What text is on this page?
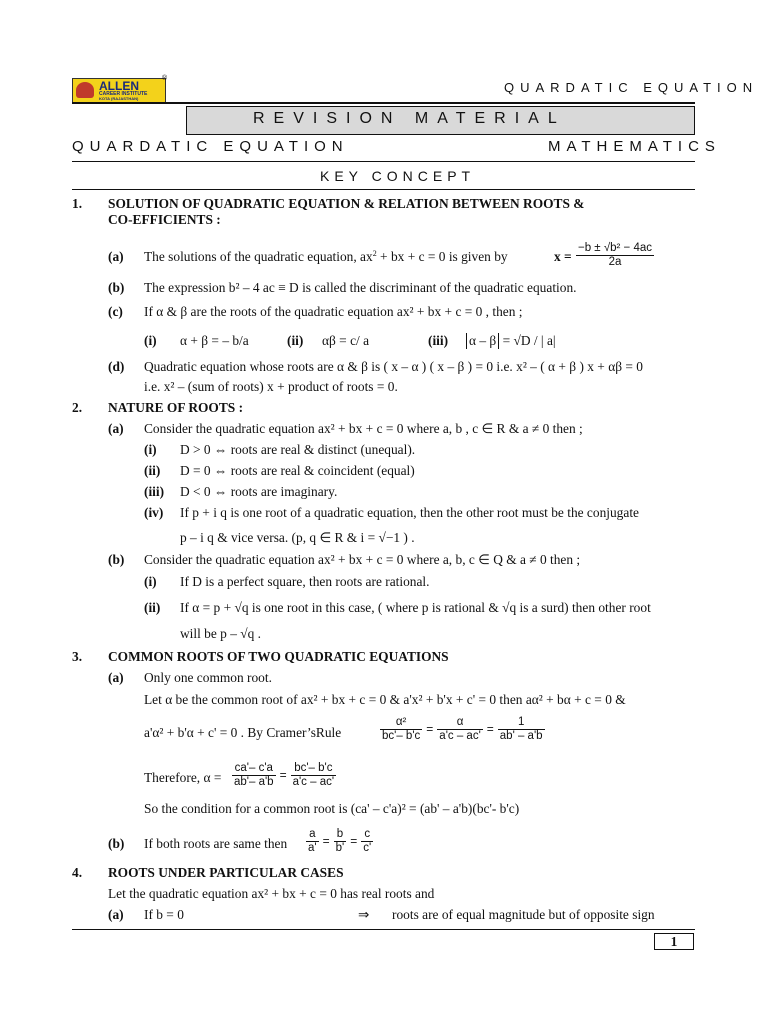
ALLEN
CAREER INSTITUTE
KOTA (RAJASTHAN)
®
QUARDATIC EQUATION
REVISION MATERIAL
QUARDATIC EQUATION	MATHEMATICS
KEY CONCEPT
1. SOLUTION OF QUADRATIC EQUATION & RELATION BETWEEN ROOTS &
CO-EFFICIENTS :
(a) The solutions of the quadratic equation, $ax^2$ + bx + c = 0 is given by	$x = \frac{\text{−b ± √b² − 4ac}}{2a}$
(b) The expression b² – 4 ac ≡ D is called the discriminant of the quadratic equation.
(c) If α & β are the roots of the quadratic equation ax² + bx + c = 0 , then ;
(i) α + β = – b/a	(ii) αβ = c/ a	(iii) α – β = √D / | a|
(d) Quadratic equation whose roots are α & β is ( x – α ) ( x – β ) = 0 i.e. x² – ( α + β ) x + αβ = 0
i.e. x² – (sum of roots) x + product of roots = 0.
2. NATURE OF ROOTS :
(a) Consider the quadratic equation ax² + bx + c = 0 where a, b , c ∈ R & a ≠ 0 then ;
(i) D > 0 ⇔ roots are real & distinct (unequal).
(ii) D = 0 ⇔ roots are real & coincident (equal)
(iii) D < 0 ⇔ roots are imaginary.
(iv) If p + i q is one root of a quadratic equation, then the other root must be the conjugate
p – i q & vice versa. (p, q ∈ R & i = √−1 ) .
(b) Consider the quadratic equation ax² + bx + c = 0 where a, b, c ∈ Q & a ≠ 0 then ;
(i) If D is a perfect square, then roots are rational.
(ii) If α = p + √q is one root in this case, ( where p is rational & √q is a surd) then other root
will be p – √q .
3. COMMON ROOTS OF TWO QUADRATIC EQUATIONS
(a) Only one common root.
Let α be the common root of ax² + bx + c = 0 & a'x² + b'x + c' = 0 then aα² + bα + c = 0 &
a'α² + b'α + c' = 0 . By Cramer’sRule	$\frac{\text{α²}}{bc'- b'c} = \frac{\alpha}{a'c - ac'} = \frac{1}{ab' - a'b}$
Therefore, $\alpha = \frac{ca'- c'a}{ab'- a'b} = \frac{bc'- b'c}{a'c - ac'}$
So the condition for a common root is (ca' – c'a)² = (ab' – a'b)(bc'- b'c)
(b) If both roots are same then $\frac{a}{a'} = \frac{b}{b'} = \frac{c}{c'}$
4. ROOTS UNDER PARTICULAR CASES
Let the quadratic equation ax² + bx + c = 0 has real roots and
(a) If b = 0	⇒ roots are of equal magnitude but of opposite sign
1
